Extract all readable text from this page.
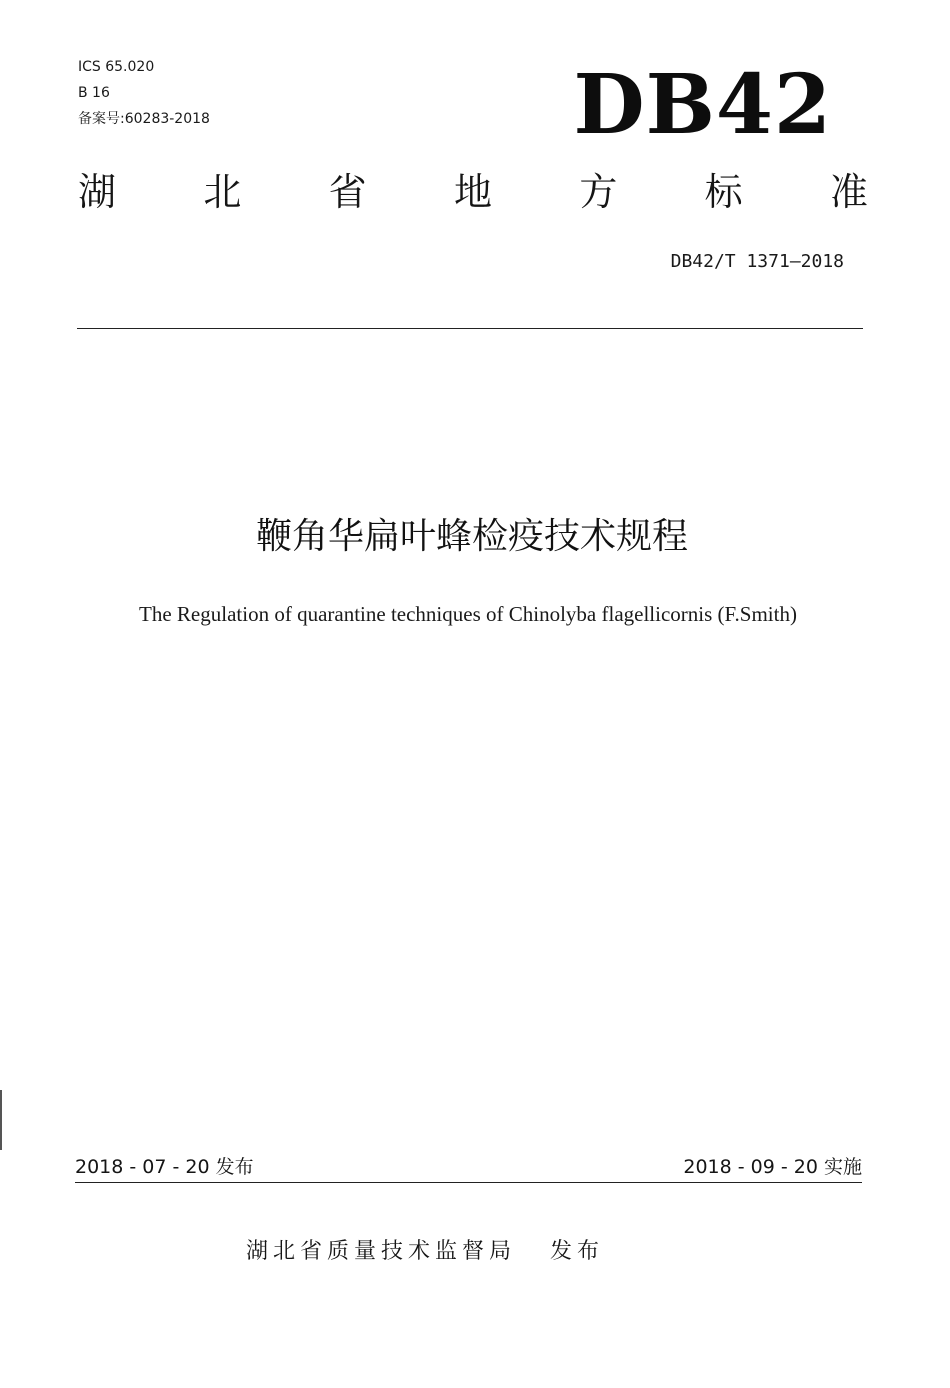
ICS 65.020
B 16
备案号:60283-2018	DB42
湖 北 省 地 方 标 准
DB42/T 1371—2018
鞭角华扁叶蜂检疫技术规程
The Regulation of quarantine techniques of Chinolyba flagellicornis (F.Smith)
2018 - 07 - 20 发布	2018 - 09 - 20 实施
湖北省质量技术监督局 发布
